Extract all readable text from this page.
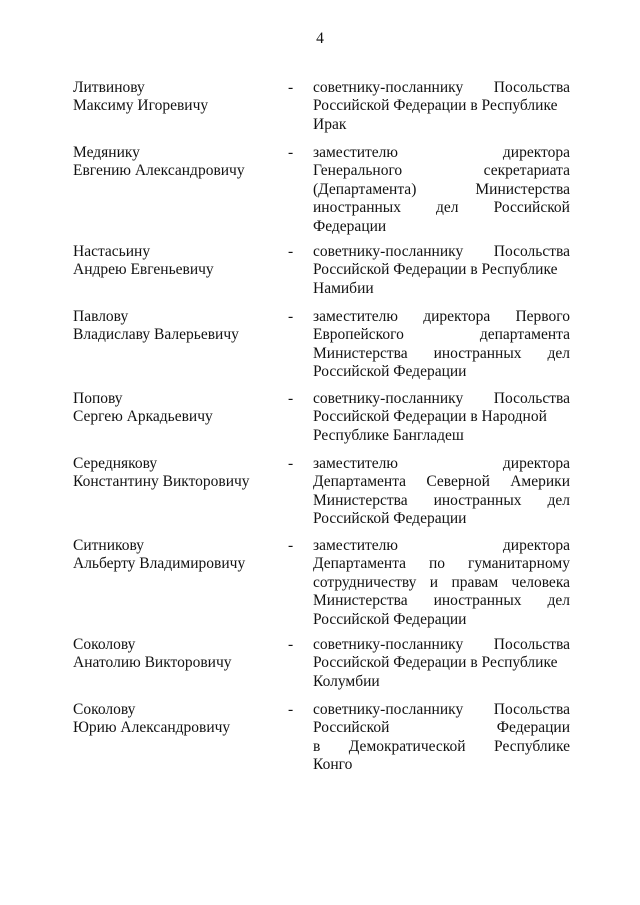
4
Литвинову
Максиму Игоревичу
- советнику-посланнику Посольства
Российской Федерации в Республике
Ирак
Медянику
Евгению Александровичу
- заместителю	директора
Генерального	секретариата
(Департамента)	Министерства
иностранных дел Российской
Федерации
Настасьину
Андрею Евгеньевичу
- советнику-посланнику Посольства
Российской Федерации в Республике
Намибии
Павлову
Владиславу Валерьевичу
- заместителю директора Первого
Европейского	департамента
Министерства иностранных дел
Российской Федерации
Попову
Сергею Аркадьевичу
- советнику-посланнику Посольства
Российской Федерации в Народной
Республике Бангладеш
Середнякову
Константину Викторовичу
- заместителю	директора
Департамента Северной Америки
Министерства иностранных дел
Российской Федерации
Ситникову
Альберту Владимировичу
- заместителю	директора
Департамента по гуманитарному
сотрудничеству и правам человека
Министерства иностранных дел
Российской Федерации
Соколову
Анатолию Викторовичу
- советнику-посланнику Посольства
Российской Федерации в Республике
Колумбии
Соколову
Юрию Александровичу
- советнику-посланнику Посольства
Российской	Федерации
в Демократической Республике
Конго
